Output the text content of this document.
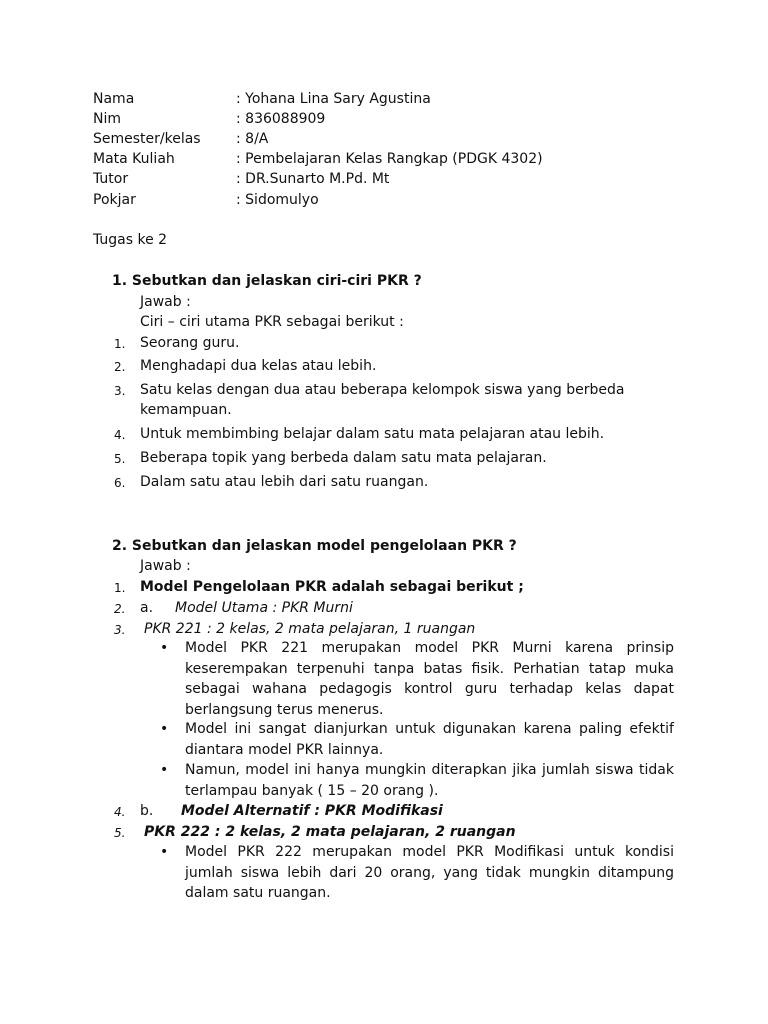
Nama	: Yohana Lina Sary Agustina
Nim	: 836088909
Semester/kelas	: 8/A
Mata Kuliah	: Pembelajaran Kelas Rangkap (PDGK 4302)
Tutor	: DR.Sunarto M.Pd. Mt
Pokjar	: Sidomulyo
Tugas ke 2
1. Sebutkan dan jelaskan ciri-ciri PKR ?
Jawab :
Ciri – ciri utama PKR sebagai berikut :
1. Seorang guru.
2. Menghadapi dua kelas atau lebih.
3. Satu kelas dengan dua atau beberapa kelompok siswa yang berbeda
kemampuan.
4. Untuk membimbing belajar dalam satu mata pelajaran atau lebih.
5. Beberapa topik yang berbeda dalam satu mata pelajaran.
6. Dalam satu atau lebih dari satu ruangan.
2. Sebutkan dan jelaskan model pengelolaan PKR ?
Jawab :
1. Model Pengelolaan PKR adalah sebagai berikut ;
2. a. Model Utama : PKR Murni
3. PKR 221 : 2 kelas, 2 mata pelajaran, 1 ruangan
• Model PKR 221 merupakan model PKR Murni karena prinsip keserempakan terpenuhi tanpa batas fisik. Perhatian tatap muka sebagai wahana pedagogis kontrol guru terhadap kelas dapat berlangsung terus menerus.
• Model ini sangat dianjurkan untuk digunakan karena paling efektif diantara model PKR lainnya.
• Namun, model ini hanya mungkin diterapkan jika jumlah siswa tidak terlampau banyak ( 15 – 20 orang ).
4. b. Model Alternatif : PKR Modifikasi
5. PKR 222 : 2 kelas, 2 mata pelajaran, 2 ruangan
• Model PKR 222 merupakan model PKR Modifikasi untuk kondisi jumlah siswa lebih dari 20 orang, yang tidak mungkin ditampung dalam satu ruangan.
